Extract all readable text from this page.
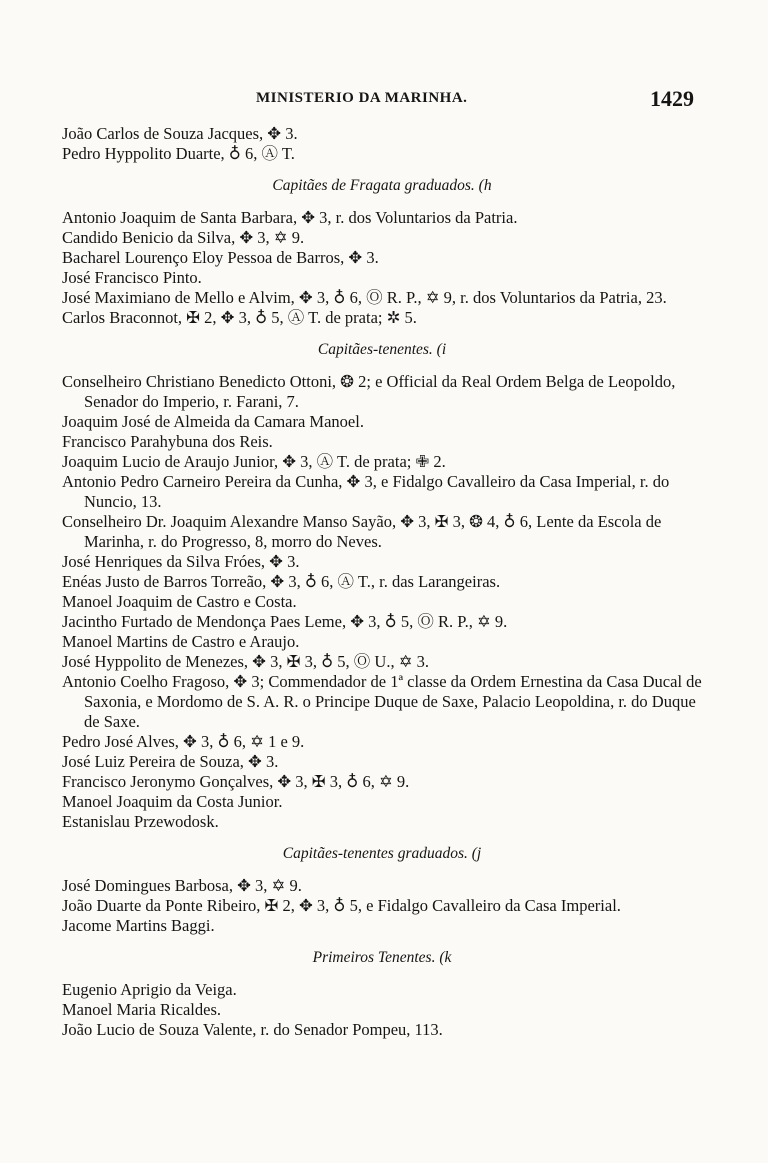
MINISTERIO DA MARINHA.	1429

João Carlos de Souza Jacques, ✥ 3.

Pedro Hyppolito Duarte, ♁ 6, Ⓐ T.

Capitães de Fragata graduados. (h

Antonio Joaquim de Santa Barbara, ✥ 3, r. dos Voluntarios da Patria.

Candido Benicio da Silva, ✥ 3, ✡ 9.

Bacharel Lourenço Eloy Pessoa de Barros, ✥ 3.

José Francisco Pinto.

José Maximiano de Mello e Alvim, ✥ 3, ♁ 6, Ⓞ R. P., ✡ 9, r. dos Voluntarios da Patria, 23.

Carlos Braconnot, ✠ 2, ✥ 3, ♁ 5, Ⓐ T. de prata; ✲ 5.

Capitães-tenentes. (i

Conselheiro Christiano Benedicto Ottoni, ❂ 2; e Official da Real Ordem Belga de Leopoldo, Senador do Imperio, r. Farani, 7.

Joaquim José de Almeida da Camara Manoel.

Francisco Parahybuna dos Reis.

Joaquim Lucio de Araujo Junior, ✥ 3, Ⓐ T. de prata; ✙ 2.

Antonio Pedro Carneiro Pereira da Cunha, ✥ 3, e Fidalgo Cavalleiro da Casa Imperial, r. do Nuncio, 13.

Conselheiro Dr. Joaquim Alexandre Manso Sayão, ✥ 3, ✠ 3, ❂ 4, ♁ 6, Lente da Escola de Marinha, r. do Progresso, 8, morro do Neves.

José Henriques da Silva Fróes, ✥ 3.

Enéas Justo de Barros Torreão, ✥ 3, ♁ 6, Ⓐ T., r. das Larangeiras.

Manoel Joaquim de Castro e Costa.

Jacintho Furtado de Mendonça Paes Leme, ✥ 3, ♁ 5, Ⓞ R. P., ✡ 9.

Manoel Martins de Castro e Araujo.

José Hyppolito de Menezes, ✥ 3, ✠ 3, ♁ 5, Ⓞ U., ✡ 3.

Antonio Coelho Fragoso, ✥ 3; Commendador de 1ª classe da Ordem Ernestina da Casa Ducal de Saxonia, e Mordomo de S. A. R. o Principe Duque de Saxe, Palacio Leopoldina, r. do Duque de Saxe.

Pedro José Alves, ✥ 3, ♁ 6, ✡ 1 e 9.

José Luiz Pereira de Souza, ✥ 3.

Francisco Jeronymo Gonçalves, ✥ 3, ✠ 3, ♁ 6, ✡ 9.

Manoel Joaquim da Costa Junior.

Estanislau Przewodosk.

Capitães-tenentes graduados. (j

José Domingues Barbosa, ✥ 3, ✡ 9.

João Duarte da Ponte Ribeiro, ✠ 2, ✥ 3, ♁ 5, e Fidalgo Cavalleiro da Casa Imperial.

Jacome Martins Baggi.

Primeiros Tenentes. (k

Eugenio Aprigio da Veiga.

Manoel Maria Ricaldes.

João Lucio de Souza Valente, r. do Senador Pompeu, 113.
